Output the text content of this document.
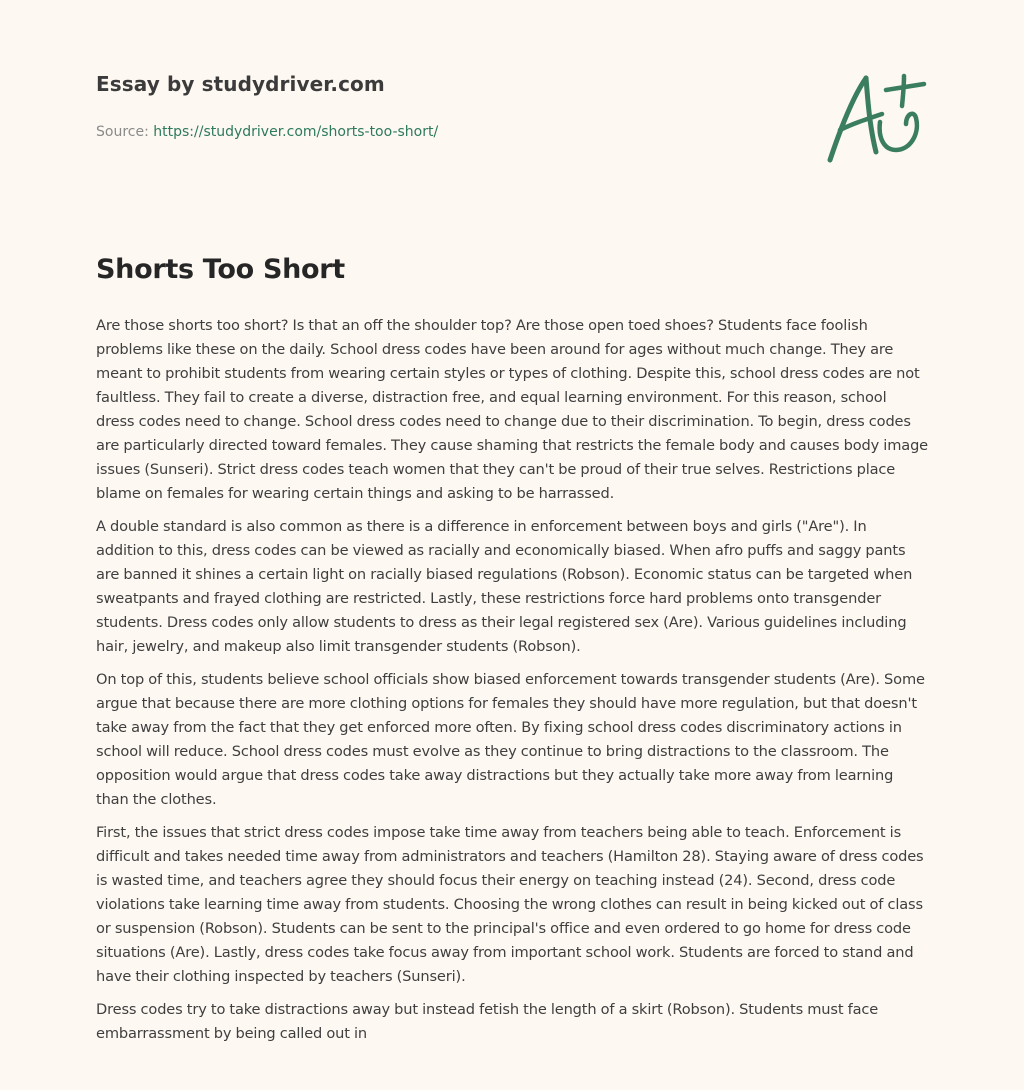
Essay by studydriver.com

Source: https://studydriver.com/shorts-too-short/
Shorts Too Short

Are those shorts too short? Is that an off the shoulder top? Are those open toed shoes? Students face foolish problems like these on the daily. School dress codes have been around for ages without much change. They are meant to prohibit students from wearing certain styles or types of clothing. Despite this, school dress codes are not faultless. They fail to create a diverse, distraction free, and equal learning environment. For this reason, school dress codes need to change. School dress codes need to change due to their discrimination. To begin, dress codes are particularly directed toward females. They cause shaming that restricts the female body and causes body image issues (Sunseri). Strict dress codes teach women that they can't be proud of their true selves. Restrictions place blame on females for wearing certain things and asking to be harrassed.

A double standard is also common as there is a difference in enforcement between boys and girls ("Are"). In addition to this, dress codes can be viewed as racially and economically biased. When afro puffs and saggy pants are banned it shines a certain light on racially biased regulations (Robson). Economic status can be targeted when sweatpants and frayed clothing are restricted. Lastly, these restrictions force hard problems onto transgender students. Dress codes only allow students to dress as their legal registered sex (Are). Various guidelines including hair, jewelry, and makeup also limit transgender students (Robson).

On top of this, students believe school officials show biased enforcement towards transgender students (Are). Some argue that because there are more clothing options for females they should have more regulation, but that doesn't take away from the fact that they get enforced more often. By fixing school dress codes discriminatory actions in school will reduce. School dress codes must evolve as they continue to bring distractions to the classroom. The opposition would argue that dress codes take away distractions but they actually take more away from learning than the clothes.

First, the issues that strict dress codes impose take time away from teachers being able to teach. Enforcement is difficult and takes needed time away from administrators and teachers (Hamilton 28). Staying aware of dress codes is wasted time, and teachers agree they should focus their energy on teaching instead (24). Second, dress code violations take learning time away from students. Choosing the wrong clothes can result in being kicked out of class or suspension (Robson). Students can be sent to the principal's office and even ordered to go home for dress code situations (Are). Lastly, dress codes take focus away from important school work. Students are forced to stand and have their clothing inspected by teachers (Sunseri).

Dress codes try to take distractions away but instead fetish the length of a skirt (Robson). Students must face embarrassment by being called out in
